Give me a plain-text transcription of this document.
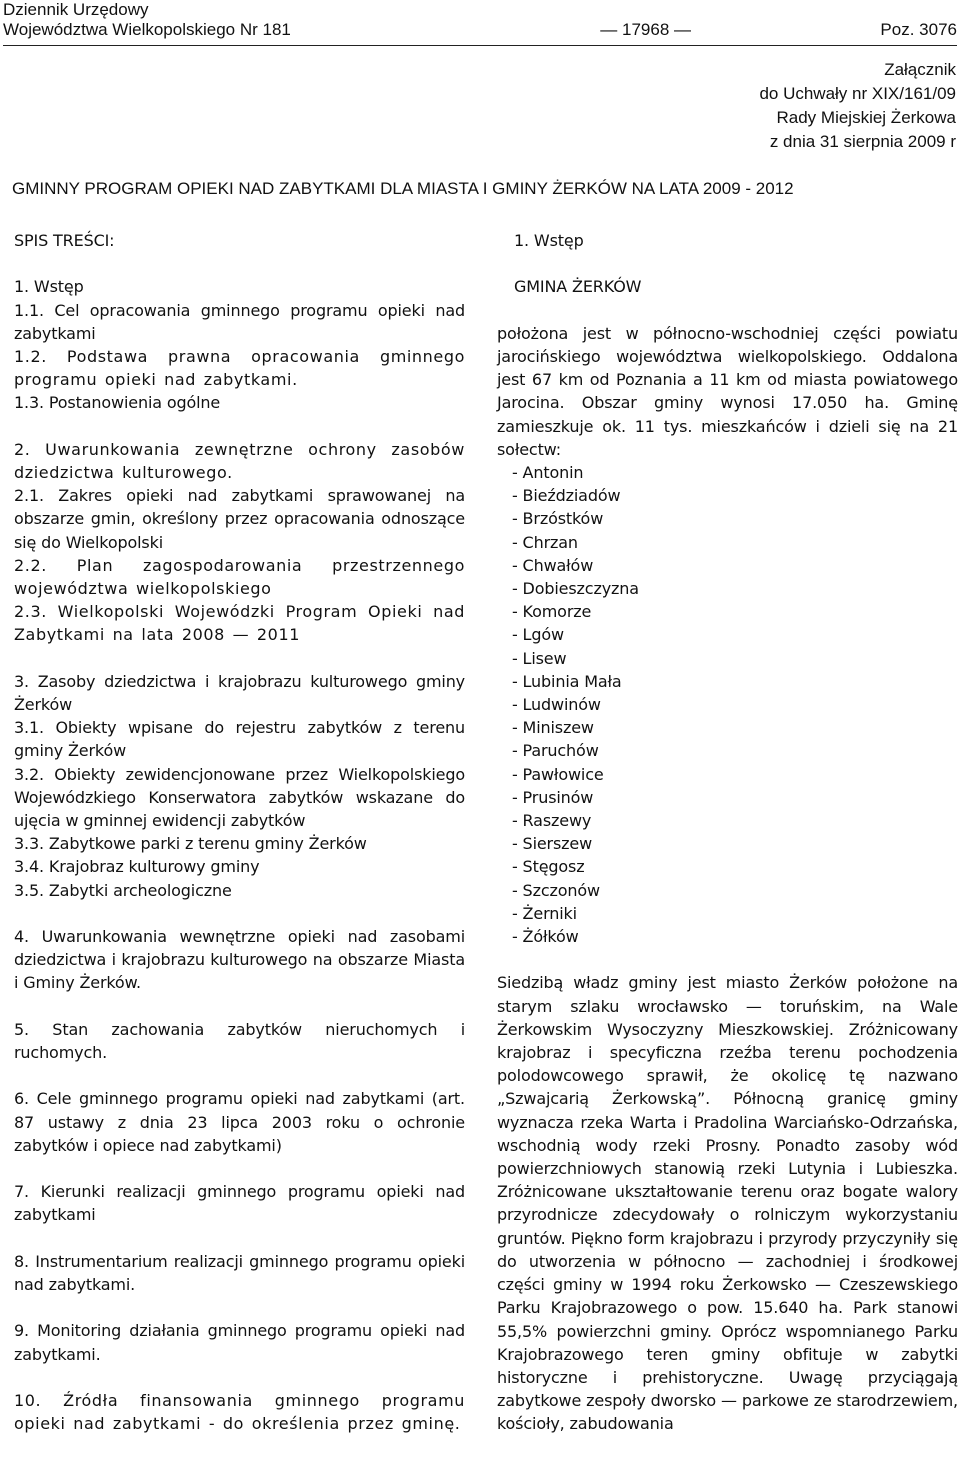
Dziennik Urzędowy
Województwa Wielkopolskiego Nr 181	— 17968 —	Poz. 3076
Załącznik
do Uchwały nr XIX/161/09
Rady Miejskiej Żerkowa
z dnia 31 sierpnia 2009 r
GMINNY PROGRAM OPIEKI NAD ZABYTKAMI DLA MIASTA I GMINY ŻERKÓW NA LATA 2009 - 2012
SPIS TREŚCI:

1. Wstęp

1.1. Cel opracowania gminnego programu opieki nad zabytkami

1.2. Podstawa prawna opracowania gminnego programu opieki nad zabytkami.

1.3. Postanowienia ogólne

2. Uwarunkowania zewnętrzne ochrony zasobów dziedzictwa kulturowego.

2.1. Zakres opieki nad zabytkami sprawowanej na obszarze gmin, określony przez opracowania odnoszące się do Wielkopolski

2.2. Plan zagospodarowania przestrzennego województwa wielkopolskiego

2.3. Wielkopolski Wojewódzki Program Opieki nad Zabytkami na lata 2008 — 2011

3. Zasoby dziedzictwa i krajobrazu kulturowego gminy Żerków

3.1. Obiekty wpisane do rejestru zabytków z terenu gminy Żerków

3.2. Obiekty zewidencjonowane przez Wielkopolskiego Wojewódzkiego Konserwatora zabytków wskazane do ujęcia w gminnej ewidencji zabytków

3.3. Zabytkowe parki z terenu gminy Żerków

3.4. Krajobraz kulturowy gminy

3.5. Zabytki archeologiczne

4. Uwarunkowania wewnętrzne opieki nad zasobami dziedzictwa i krajobrazu kulturowego na obszarze Miasta i Gminy Żerków.

5. Stan zachowania zabytków nieruchomych i ruchomych.

6. Cele gminnego programu opieki nad zabytkami (art. 87 ustawy z dnia 23 lipca 2003 roku o ochronie zabytków i opiece nad zabytkami)

7. Kierunki realizacji gminnego programu opieki nad zabytkami

8. Instrumentarium realizacji gminnego programu opieki nad zabytkami.

9. Monitoring działania gminnego programu opieki nad zabytkami.

10. Źródła finansowania gminnego programu opieki nad zabytkami - do określenia przez gminę.

1. Wstęp
GMINA ŻERKÓW

położona jest w północno-wschodniej części powiatu jarocińskiego województwa wielkopolskiego. Oddalona jest 67 km od Poznania a 11 km od miasta powiatowego Jarocina. Obszar gminy wynosi 17.050 ha. Gminę zamieszkuje ok. 11 tys. mieszkańców i dzieli się na 21 sołectw:

- Antonin
- Bieździadów
- Brzóstków
- Chrzan
- Chwałów
- Dobieszczyzna
- Komorze
- Lgów
- Lisew
- Lubinia Mała
- Ludwinów
- Miniszew
- Paruchów
- Pawłowice
- Prusinów
- Raszewy
- Sierszew
- Stęgosz
- Szczonów
- Żerniki
- Żółków

Siedzibą władz gminy jest miasto Żerków położone na starym szlaku wrocławsko — toruńskim, na Wale Żerkowskim Wysoczyzny Mieszkowskiej. Zróżnicowany krajobraz i specyficzna rzeźba terenu pochodzenia polodowcowego sprawił, że okolicę tę nazwano „Szwajcarią Żerkowską”. Północną granicę gminy wyznacza rzeka Warta i Pradolina Warciańsko-Odrzańska, wschodnią wody rzeki Prosny. Ponadto zasoby wód powierzchniowych stanowią rzeki Lutynia i Lubieszka. Zróżnicowane ukształtowanie terenu oraz bogate walory przyrodnicze zdecydowały o rolniczym wykorzystaniu gruntów. Piękno form krajobrazu i przyrody przyczyniły się do utworzenia w północno — zachodniej i środkowej części gminy w 1994 roku Żerkowsko — Czeszewskiego Parku Krajobrazowego o pow. 15.640 ha. Park stanowi 55,5% powierzchni gminy. Oprócz wspomnianego Parku Krajobrazowego teren gminy obfituje w zabytki historyczne i prehistoryczne. Uwagę przyciągają zabytkowe zespoły dworsko — parkowe ze starodrzewiem, kościoły, zabudowania
